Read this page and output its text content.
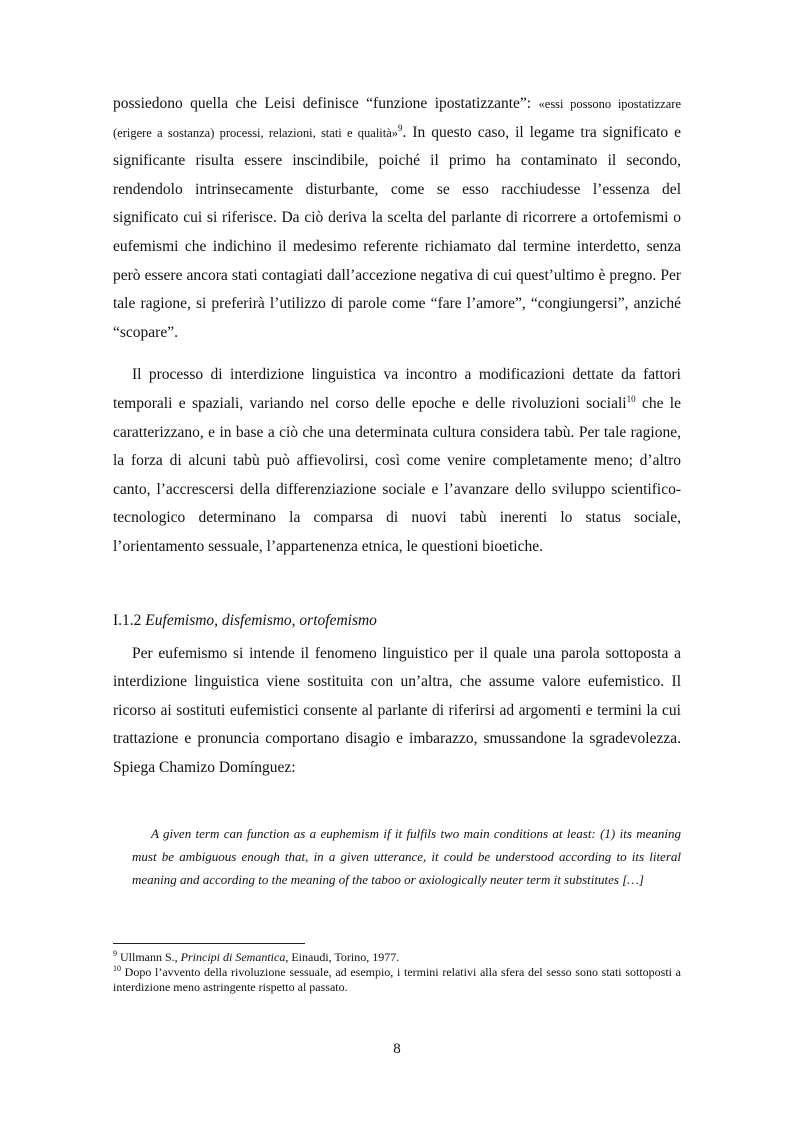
possiedono quella che Leisi definisce “funzione ipostatizzante”: «essi possono ipostatizzare (erigere a sostanza) processi, relazioni, stati e qualità»$^9$. In questo caso, il legame tra significato e significante risulta essere inscindibile, poiché il primo ha contaminato il secondo, rendendolo intrinsecamente disturbante, come se esso racchiudesse l’essenza del significato cui si riferisce. Da ciò deriva la scelta del parlante di ricorrere a ortofemismi o eufemismi che indichino il medesimo referente richiamato dal termine interdetto, senza però essere ancora stati contagiati dall’accezione negativa di cui quest’ultimo è pregno. Per tale ragione, si preferirà l’utilizzo di parole come “fare l’amore”, “congiungersi”, anziché “scopare”.

Il processo di interdizione linguistica va incontro a modificazioni dettate da fattori temporali e spaziali, variando nel corso delle epoche e delle rivoluzioni sociali$^{10}$ che le caratterizzano, e in base a ciò che una determinata cultura considera tabù. Per tale ragione, la forza di alcuni tabù può affievolirsi, così come venire completamente meno; d’altro canto, l’accrescersi della differenziazione sociale e l’avanzare dello sviluppo scientifico-tecnologico determinano la comparsa di nuovi tabù inerenti lo status sociale, l’orientamento sessuale, l’appartenenza etnica, le questioni bioetiche.

I.1.2 Eufemismo, disfemismo, ortofemismo

Per eufemismo si intende il fenomeno linguistico per il quale una parola sottoposta a interdizione linguistica viene sostituita con un’altra, che assume valore eufemistico. Il ricorso ai sostituti eufemistici consente al parlante di riferirsi ad argomenti e termini la cui trattazione e pronuncia comportano disagio e imbarazzo, smussandone la sgradevolezza. Spiega Chamizo Domínguez:

A given term can function as a euphemism if it fulfils two main conditions at least: (1) its meaning must be ambiguous enough that, in a given utterance, it could be understood according to its literal meaning and according to the meaning of the taboo or axiologically neuter term it substitutes […]

$^9$ Ullmann S., Principi di Semantica, Einaudi, Torino, 1977.

$^{10}$ Dopo l’avvento della rivoluzione sessuale, ad esempio, i termini relativi alla sfera del sesso sono stati sottoposti a interdizione meno astringente rispetto al passato.

8
